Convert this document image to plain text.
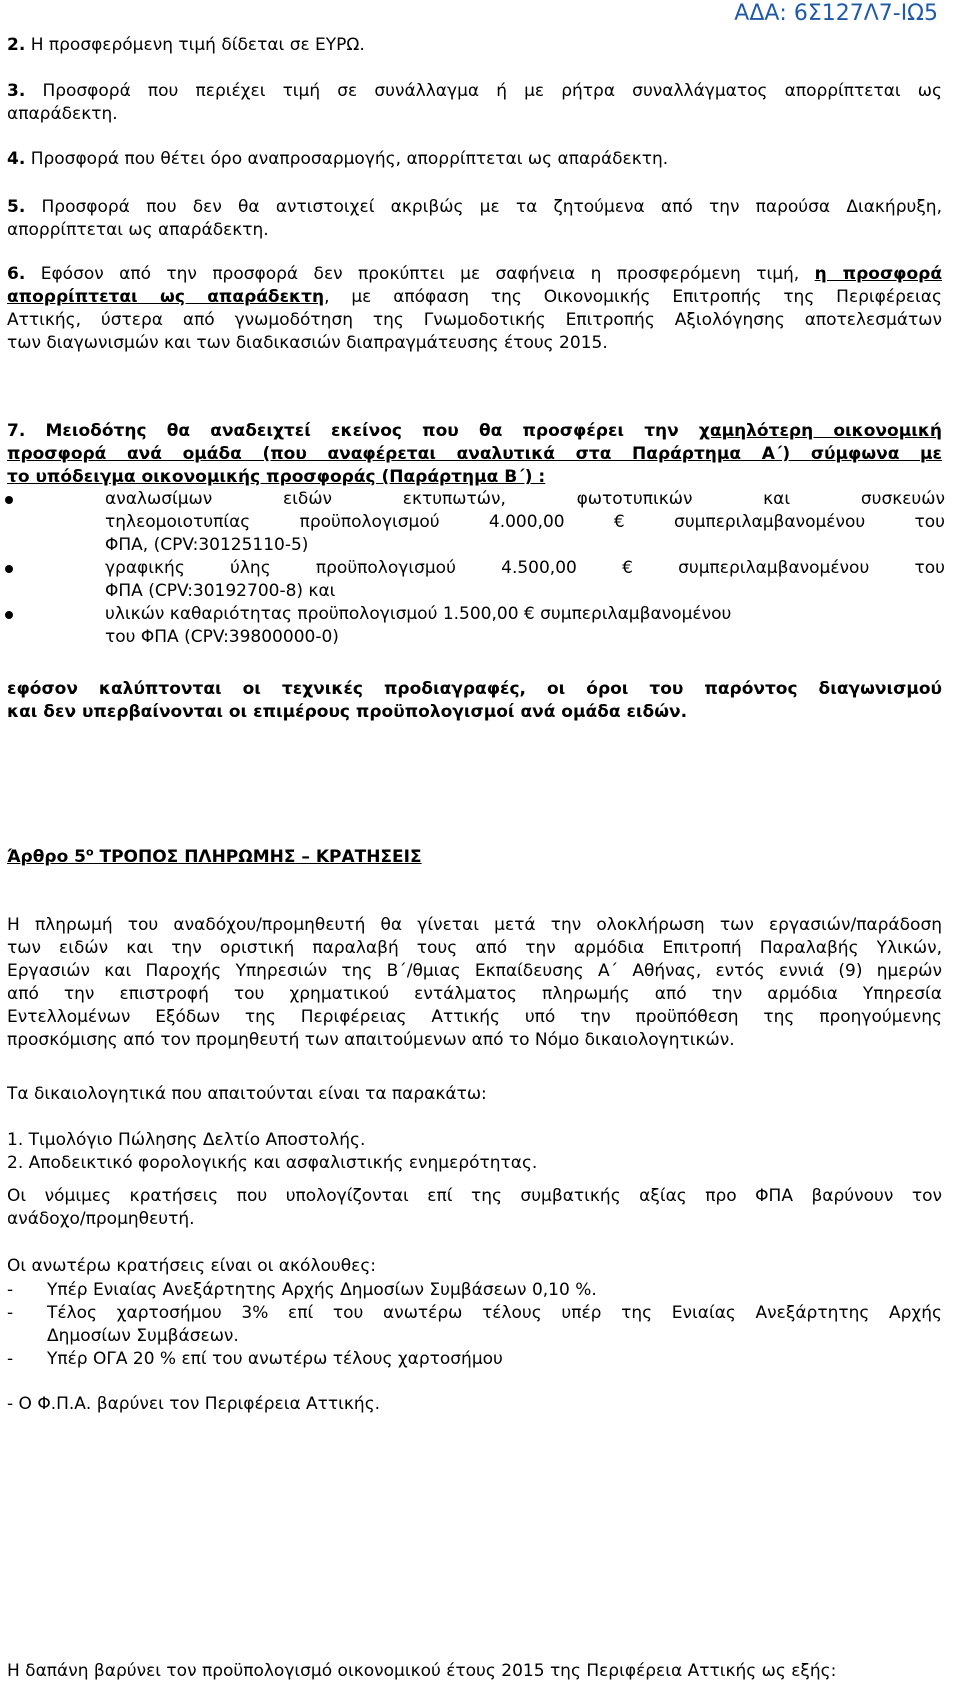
ΑΔΑ: 6Σ127Λ7-ΙΩ5
2. Η προσφερόμενη τιμή δίδεται σε ΕΥΡΩ.
3. Προσφορά που περιέχει τιμή σε συνάλλαγμα ή με ρήτρα συναλλάγματος απορρίπτεται ως
απαράδεκτη.
4. Προσφορά που θέτει όρο αναπροσαρμογής, απορρίπτεται ως απαράδεκτη.
5. Προσφορά που δεν θα αντιστοιχεί ακριβώς με τα ζητούμενα από την παρούσα Διακήρυξη,
απορρίπτεται ως απαράδεκτη.
6. Εφόσον από την προσφορά δεν προκύπτει με σαφήνεια η προσφερόμενη τιμή, η προσφορά
απορρίπτεται ως απαράδεκτη, με απόφαση της Οικονομικής Επιτροπής της Περιφέρειας
Αττικής, ύστερα από γνωμοδότηση της Γνωμοδοτικής Επιτροπής Αξιολόγησης αποτελεσμάτων
των διαγωνισμών και των διαδικασιών διαπραγμάτευσης έτους 2015.
7. Μειοδότης θα αναδειχτεί εκείνος που θα προσφέρει την χαμηλότερη οικονομική
προσφορά ανά ομάδα (που αναφέρεται αναλυτικά στα Παράρτημα Α΄) σύμφωνα με
το υπόδειγμα οικονομικής προσφοράς (Παράρτημα Β΄) :
αναλωσίμων ειδών εκτυπωτών, φωτοτυπικών και συσκευών
τηλεομοιοτυπίας προϋπολογισμού 4.000,00 € συμπεριλαμβανομένου του
ΦΠΑ, (CPV:30125110-5)
γραφικής ύλης προϋπολογισμού 4.500,00 € συμπεριλαμβανομένου του
ΦΠΑ (CPV:30192700-8) και
υλικών καθαριότητας προϋπολογισμού 1.500,00 € συμπεριλαμβανομένου
του ΦΠΑ (CPV:39800000-0)
εφόσον καλύπτονται οι τεχνικές προδιαγραφές, οι όροι του παρόντος διαγωνισμού
και δεν υπερβαίνονται οι επιμέρους προϋπολογισμοί ανά ομάδα ειδών.
Άρθρο $5^o$ ΤΡΟΠΟΣ ΠΛΗΡΩΜΗΣ – ΚΡΑΤΗΣΕΙΣ
Η πληρωμή του αναδόχου/προμηθευτή θα γίνεται μετά την ολοκλήρωση των εργασιών/παράδοση
των ειδών και την οριστική παραλαβή τους από την αρμόδια Επιτροπή Παραλαβής Υλικών,
Εργασιών και Παροχής Υπηρεσιών της Β΄/θμιας Εκπαίδευσης Α΄ Αθήνας, εντός εννιά (9) ημερών
από την επιστροφή του χρηματικού εντάλματος πληρωμής από την αρμόδια Υπηρεσία
Εντελλομένων Εξόδων της Περιφέρειας Αττικής υπό την προϋπόθεση της προηγούμενης
προσκόμισης από τον προμηθευτή των απαιτούμενων από το Νόμο δικαιολογητικών.
Τα δικαιολογητικά που απαιτούνται είναι τα παρακάτω:
1. Τιμολόγιο Πώλησης Δελτίο Αποστολής.
2. Αποδεικτικό φορολογικής και ασφαλιστικής ενημερότητας.
Οι νόμιμες κρατήσεις που υπολογίζονται επί της συμβατικής αξίας προ ΦΠΑ βαρύνουν τον
ανάδοχο/προμηθευτή.
Οι ανωτέρω κρατήσεις είναι οι ακόλουθες:
- Υπέρ Ενιαίας Ανεξάρτητης Αρχής Δημοσίων Συμβάσεων 0,10 %.
-	Τέλος χαρτοσήμου 3% επί του ανωτέρω τέλους υπέρ της Ενιαίας Ανεξάρτητης Αρχής
Δημοσίων Συμβάσεων.
- Υπέρ ΟΓΑ 20 % επί του ανωτέρω τέλους χαρτοσήμου
- Ο Φ.Π.Α. βαρύνει τον Περιφέρεια Αττικής.
Η δαπάνη βαρύνει τον προϋπολογισμό οικονομικού έτους 2015 της Περιφέρεια Αττικής ως εξής:
